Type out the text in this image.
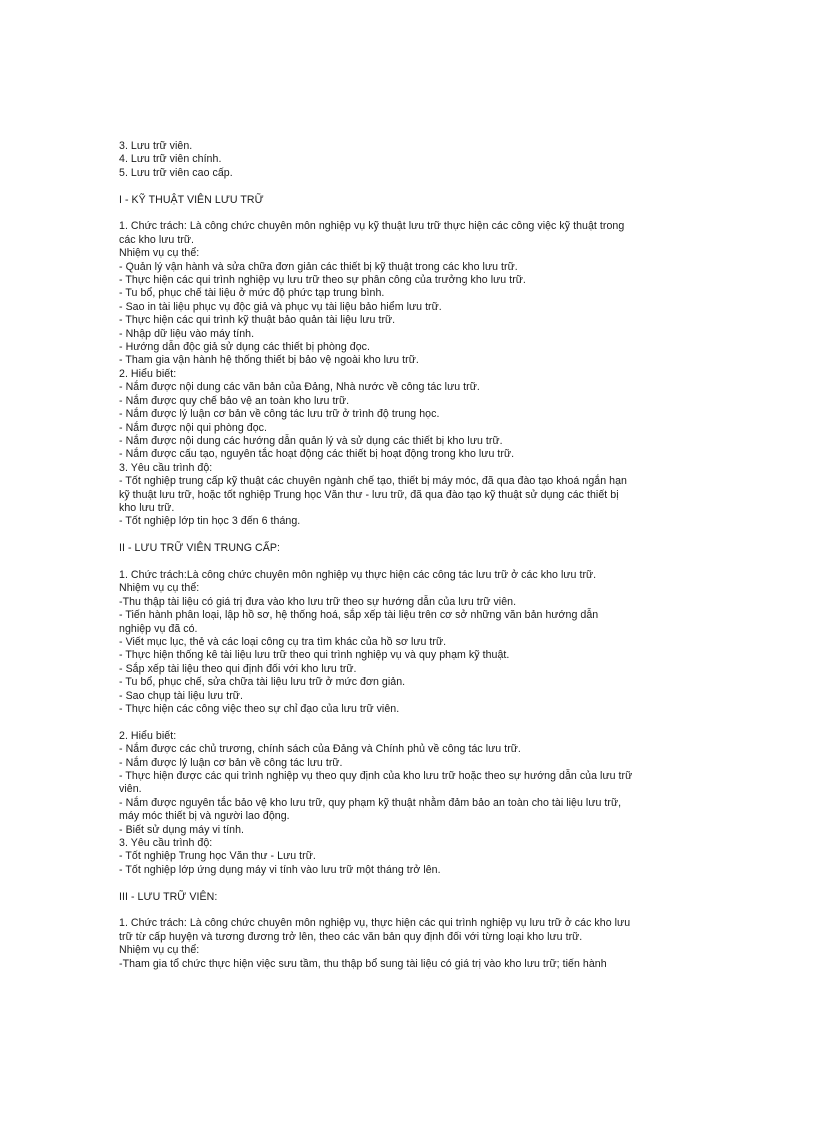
3. Lưu trữ viên.
4. Lưu trữ viên chính.
5. Lưu trữ viên cao cấp.
I - KỸ THUẬT VIÊN LƯU TRỮ
1. Chức trách: Là công chức chuyên môn nghiệp vụ kỹ thuật lưu trữ thực hiện các công việc kỹ thuật trong
các kho lưu trữ.
Nhiệm vụ cụ thể:
- Quản lý vận hành và sửa chữa đơn giản các thiết bị kỹ thuật trong các kho lưu trữ.
- Thực hiện các qui trình nghiệp vụ lưu trữ theo sự phân công của trưởng kho lưu trữ.
- Tu bổ, phục chế tài liệu ở mức độ phức tạp trung bình.
- Sao in tài liệu phục vụ độc giả và phục vụ tài liệu bảo hiểm lưu trữ.
- Thực hiện các qui trình kỹ thuật bảo quản tài liệu lưu trữ.
- Nhập dữ liệu vào máy tính.
- Hướng dẫn độc giả sử dụng các thiết bị phòng đọc.
- Tham gia vận hành hệ thống thiết bị bảo vệ ngoài kho lưu trữ.
2. Hiểu biết:
- Nắm được nội dung các văn bản của Đảng, Nhà nước về công tác lưu trữ.
- Nắm được quy chế bảo vệ an toàn kho lưu trữ.
- Nắm được lý luận cơ bản về công tác lưu trữ ở trình độ trung học.
- Nắm được nội qui phòng đọc.
- Nắm được nội dung các hướng dẫn quản lý và sử dụng các thiết bị kho lưu trữ.
- Nắm được cấu tạo, nguyên tắc hoạt động các thiết bị hoạt động trong kho lưu trữ.
3. Yêu cầu trình độ:
- Tốt nghiệp trung cấp kỹ thuật các chuyên ngành chế tạo, thiết bị máy móc, đã qua đào tạo khoá ngắn hạn
kỹ thuật lưu trữ, hoặc tốt nghiệp Trung học Văn thư - lưu trữ, đã qua đào tạo kỹ thuật sử dụng các thiết bị
kho lưu trữ.
- Tốt nghiệp lớp tin học 3 đến 6 tháng.
II - LƯU TRỮ VIÊN TRUNG CẤP:
1. Chức trách:Là công chức chuyên môn nghiệp vụ thực hiện các công tác lưu trữ ở các kho lưu trữ.
Nhiệm vụ cụ thể:
-Thu thập tài liệu có giá trị đưa vào kho lưu trữ theo sự hướng dẫn của lưu trữ viên.
- Tiến hành phân loại, lập hồ sơ, hệ thống hoá, sắp xếp tài liệu trên cơ sở những văn bản hướng dẫn
nghiệp vụ đã có.
- Viết mục lục, thẻ và các loại công cụ tra tìm khác của hồ sơ lưu trữ.
- Thực hiện thống kê tài liệu lưu trữ theo qui trình nghiệp vụ và quy phạm kỹ thuật.
- Sắp xếp tài liệu theo qui định đối với kho lưu trữ.
- Tu bổ, phục chế, sửa chữa tài liệu lưu trữ ở mức đơn giản.
- Sao chụp tài liệu lưu trữ.
- Thực hiện các công việc theo sự chỉ đạo của lưu trữ viên.
2. Hiểu biết:
- Nắm được các chủ trương, chính sách của Đảng và Chính phủ về công tác lưu trữ.
- Nắm được lý luận cơ bản về công tác lưu trữ.
- Thực hiện được các qui trình nghiệp vụ theo quy định của kho lưu trữ hoặc theo sự hướng dẫn của lưu trữ
viên.
- Nắm được nguyên tắc bảo vệ kho lưu trữ, quy phạm kỹ thuật nhằm đảm bảo an toàn cho tài liệu lưu trữ,
máy móc thiết bị và người lao động.
- Biết sử dụng máy vi tính.
3. Yêu cầu trình độ:
- Tốt nghiệp Trung học Văn thư - Lưu trữ.
- Tốt nghiệp lớp ứng dụng máy vi tính vào lưu trữ một tháng trở lên.
III - LƯU TRỮ VIÊN:
1. Chức trách: Là công chức chuyên môn nghiệp vụ, thực hiện các qui trình nghiệp vụ lưu trữ ở các kho lưu
trữ từ cấp huyện và tương đương trở lên, theo các văn bản quy định đối với từng loại kho lưu trữ.
Nhiệm vụ cụ thể:
-Tham gia tổ chức thực hiện việc sưu tầm, thu thập bổ sung tài liệu có giá trị vào kho lưu trữ; tiến hành
